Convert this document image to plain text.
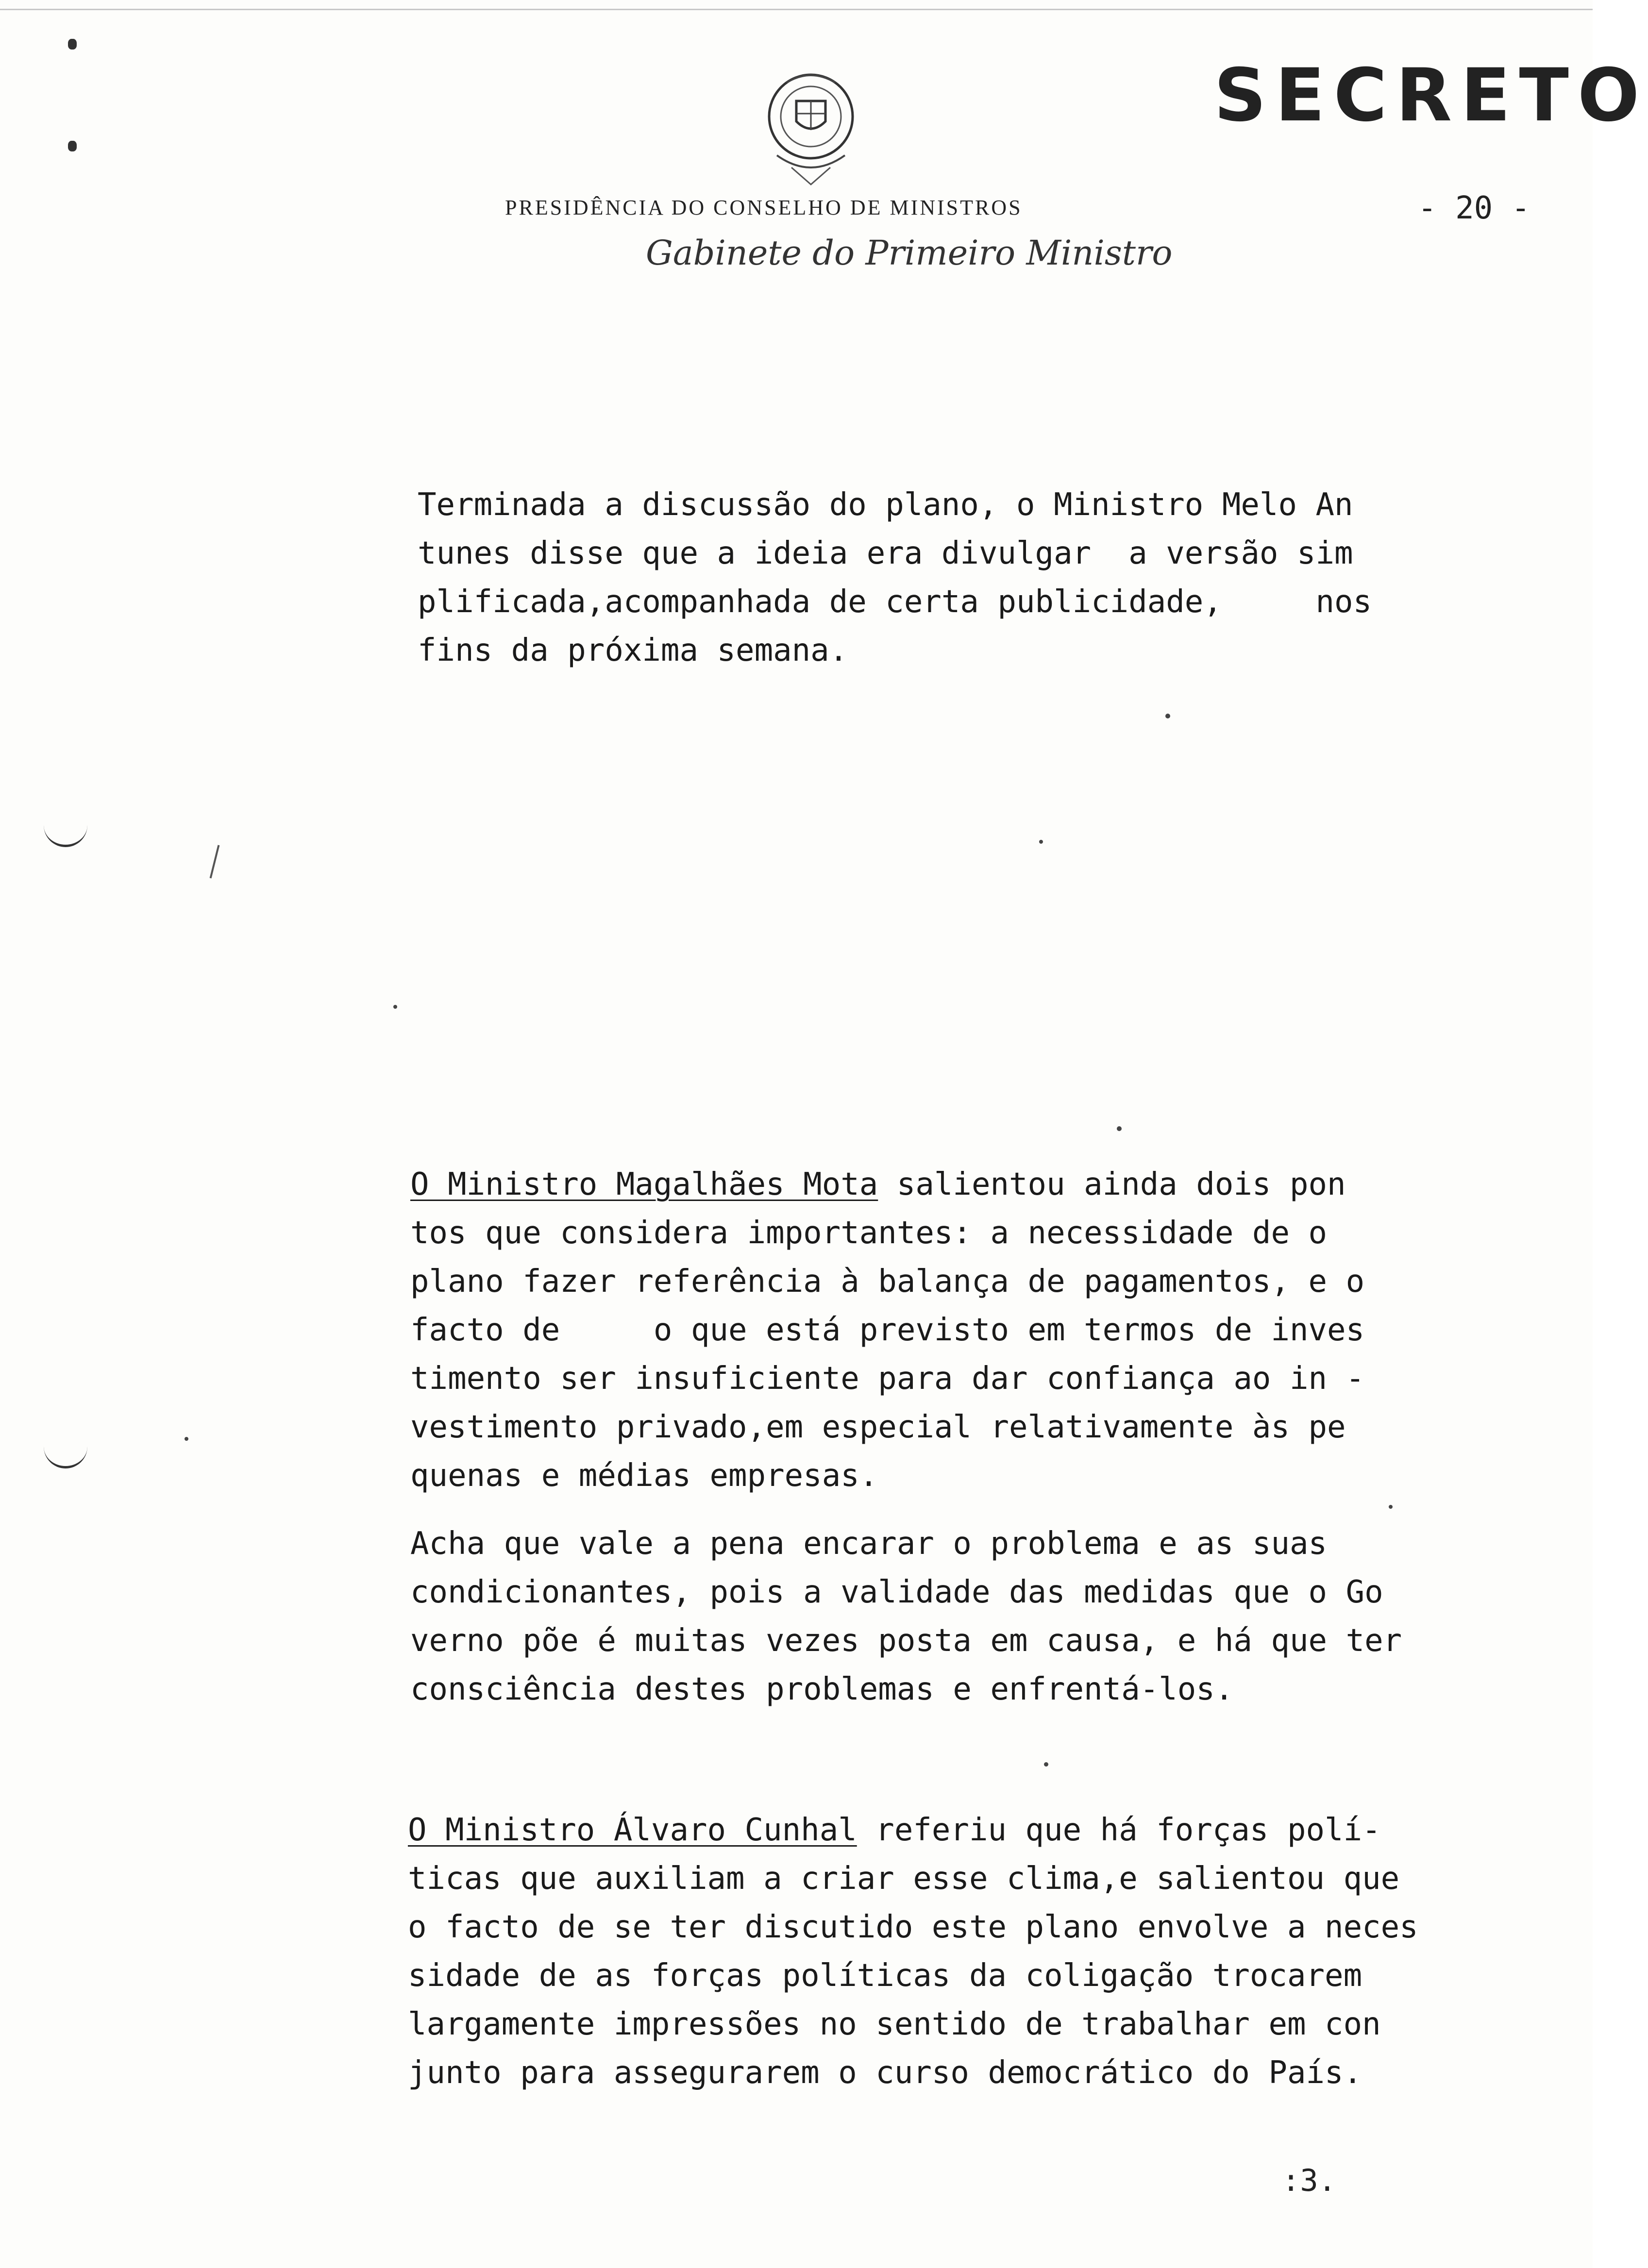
SECRETO
- 20 -
PRESIDÊNCIA DO CONSELHO DE MINISTROS
Gabinete do Primeiro Ministro

Terminada a discussão do plano, o Ministro Melo An
tunes disse que a ideia era divulgar  a versão sim
plificada,acompanhada de certa publicidade,     nos
fins da próxima semana.

O Ministro Magalhães Mota salientou ainda dois pon
tos que considera importantes: a necessidade de o
plano fazer referência à balança de pagamentos, e o
facto de     o que está previsto em termos de inves
timento ser insuficiente para dar confiança ao in -
vestimento privado,em especial relativamente às pe
quenas e médias empresas.

Acha que vale a pena encarar o problema e as suas
condicionantes, pois a validade das medidas que o Go
verno põe é muitas vezes posta em causa, e há que ter
consciência destes problemas e enfrentá-los.

O Ministro Álvaro Cunhal referiu que há forças polí-
ticas que auxiliam a criar esse clima,e salientou que
o facto de se ter discutido este plano envolve a neces
sidade de as forças políticas da coligação trocarem
largamente impressões no sentido de trabalhar em con
junto para assegurarem o curso democrático do País.

:3.
